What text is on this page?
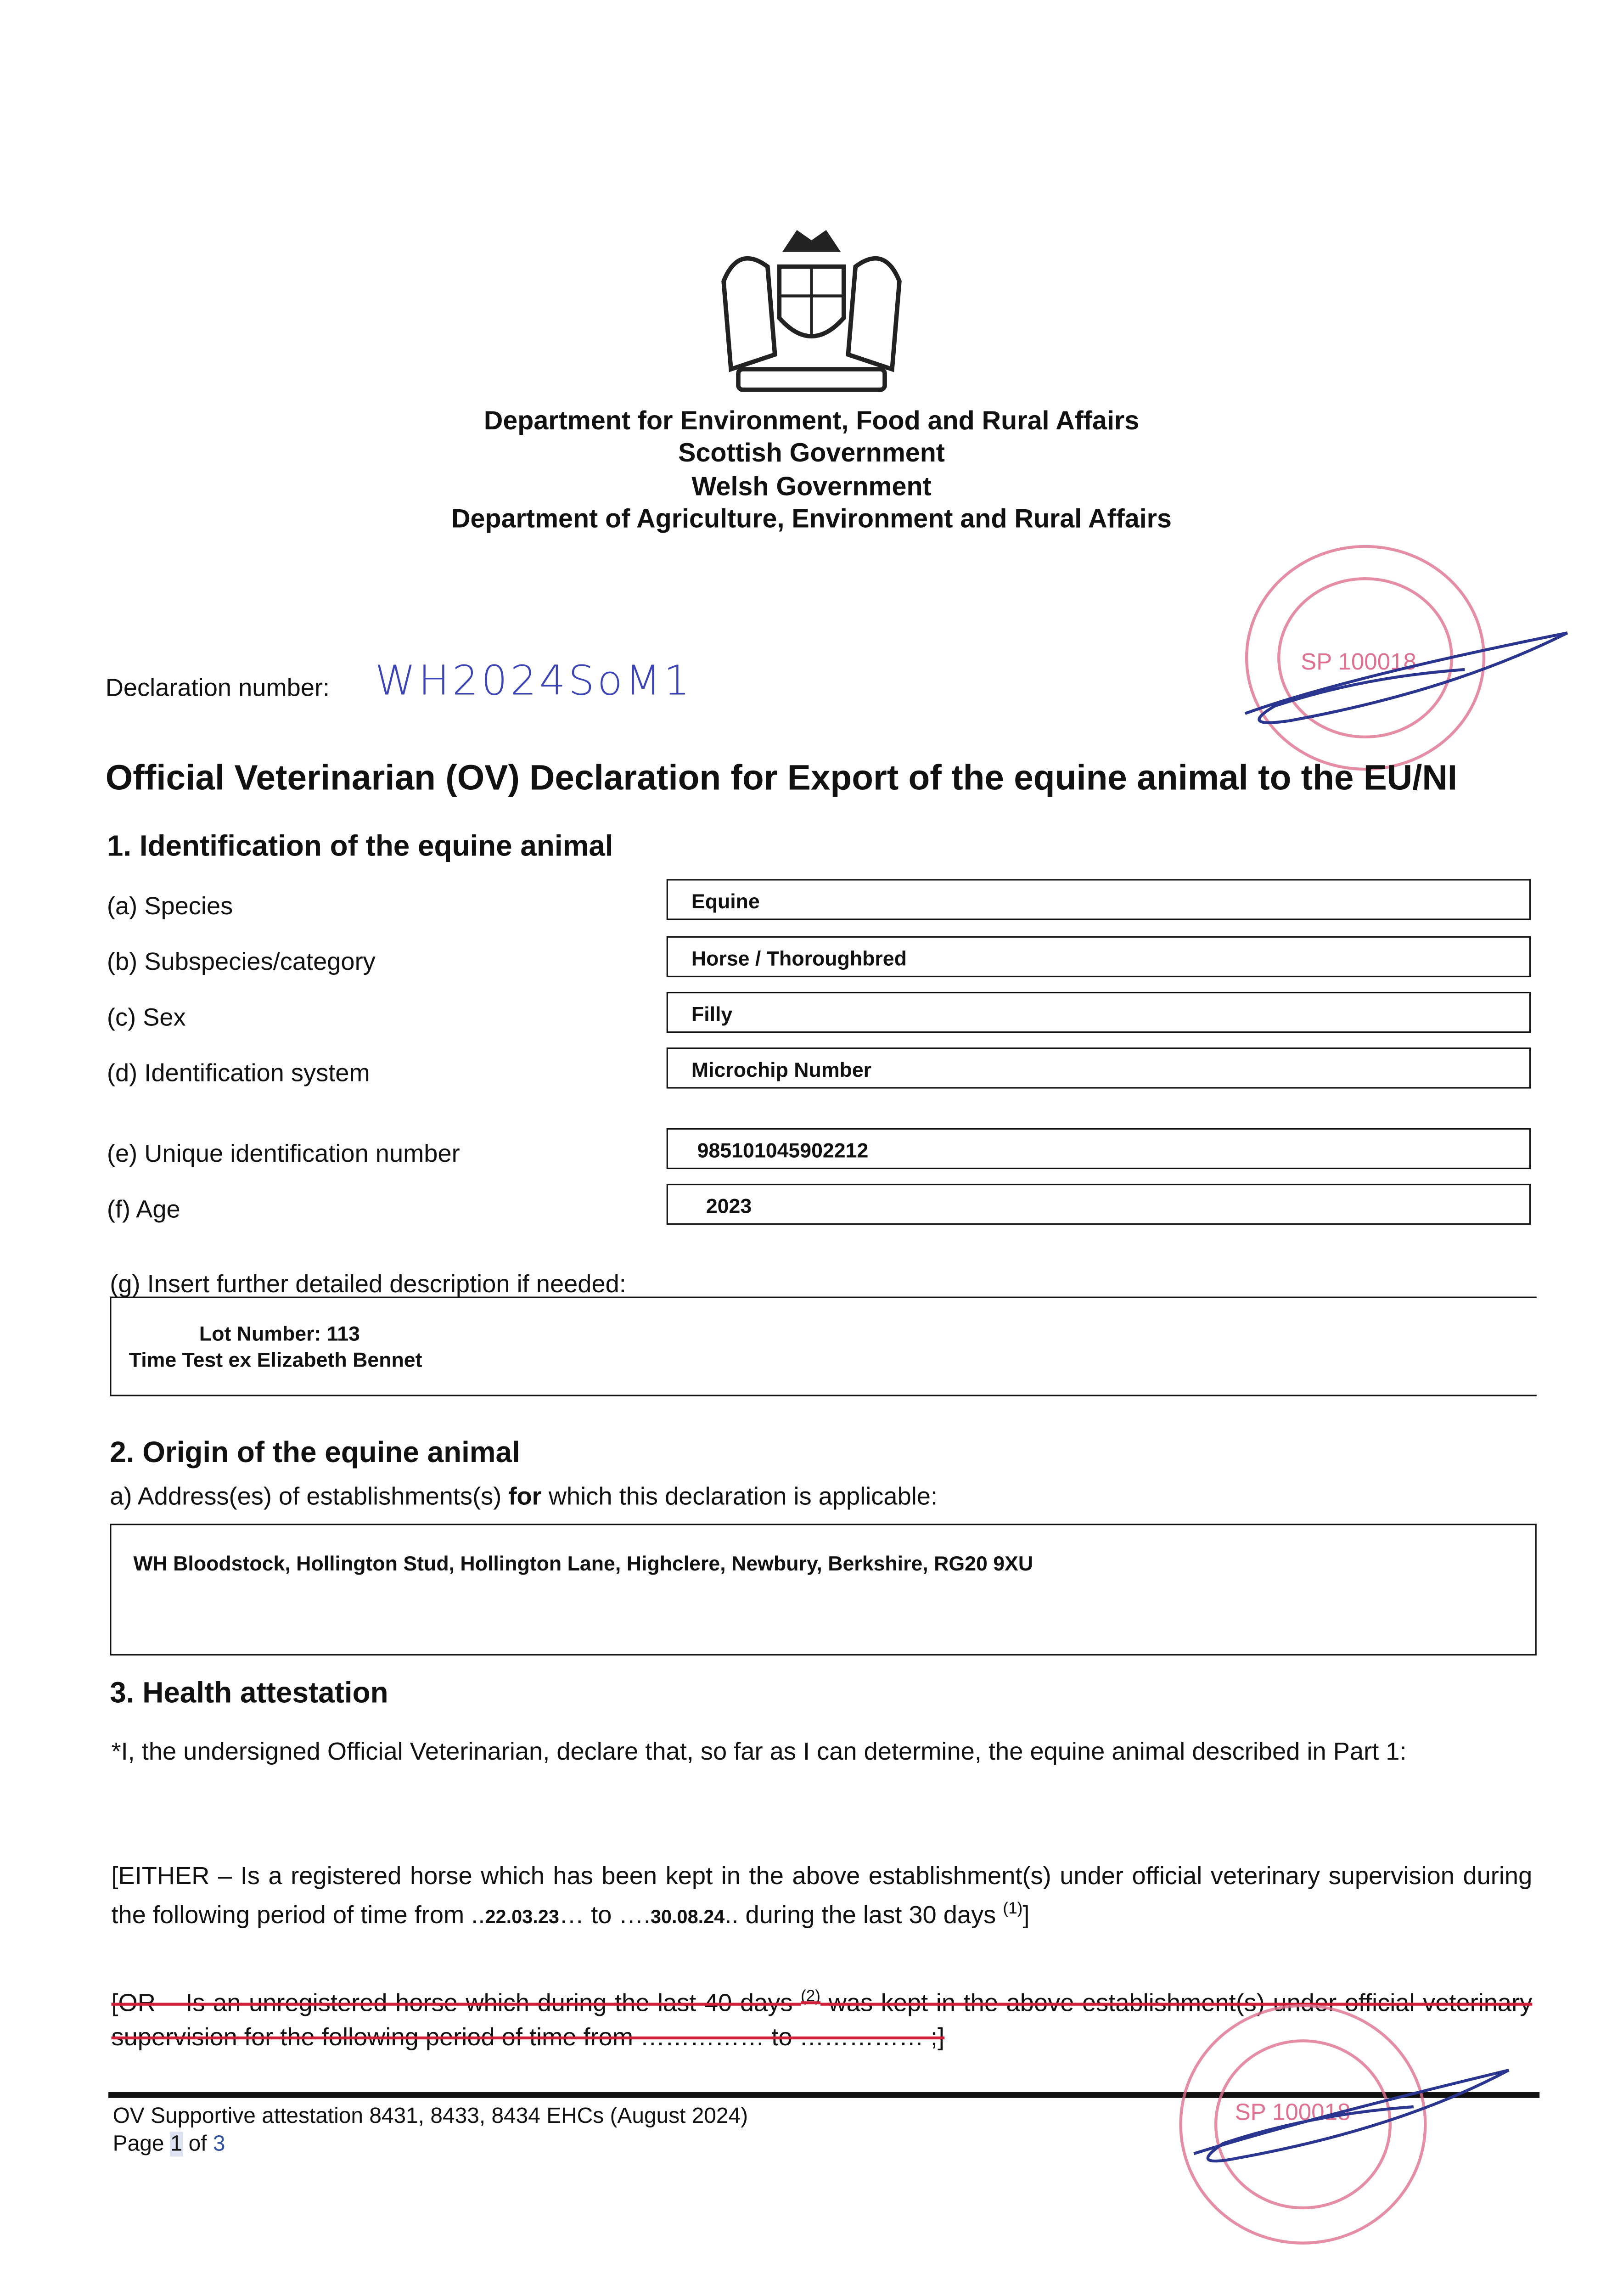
Department for Environment, Food and Rural Affairs
Scottish Government
Welsh Government
Department of Agriculture, Environment and Rural Affairs
SP 100018
Declaration number:	WH2024SoM1
Official Veterinarian (OV) Declaration for Export of the equine animal to the EU/NI
1. Identification of the equine animal
(a) Species	Equine
(b) Subspecies/category	Horse / Thoroughbred
(c) Sex	Filly
(d) Identification system	Microchip Number
(e) Unique identification number	985101045902212
(f) Age	2023
(g) Insert further detailed description if needed:
Lot Number: 113
Time Test ex Elizabeth Bennet
2. Origin of the equine animal
a) Address(es) of establishments(s) for which this declaration is applicable:
WH Bloodstock, Hollington Stud, Hollington Lane, Highclere, Newbury, Berkshire, RG20 9XU
3. Health attestation
*I, the undersigned Official Veterinarian, declare that, so far as I can determine, the equine animal described in Part 1:
[EITHER – Is a registered horse which has been kept in the above establishment(s) under official veterinary supervision during the following period of time from ..22.03.23… to ….30.08.24.. during the last 30 days $^{(1)}$]
[OR – Is an unregistered horse which during the last 40 days $^{(2)}$ was kept in the above establishment(s) under official veterinary supervision for the following period of time from …………… to …………… ;]
OV Supportive attestation 8431, 8433, 8434 EHCs (August 2024)
Page 1 of 3
SP 100018
